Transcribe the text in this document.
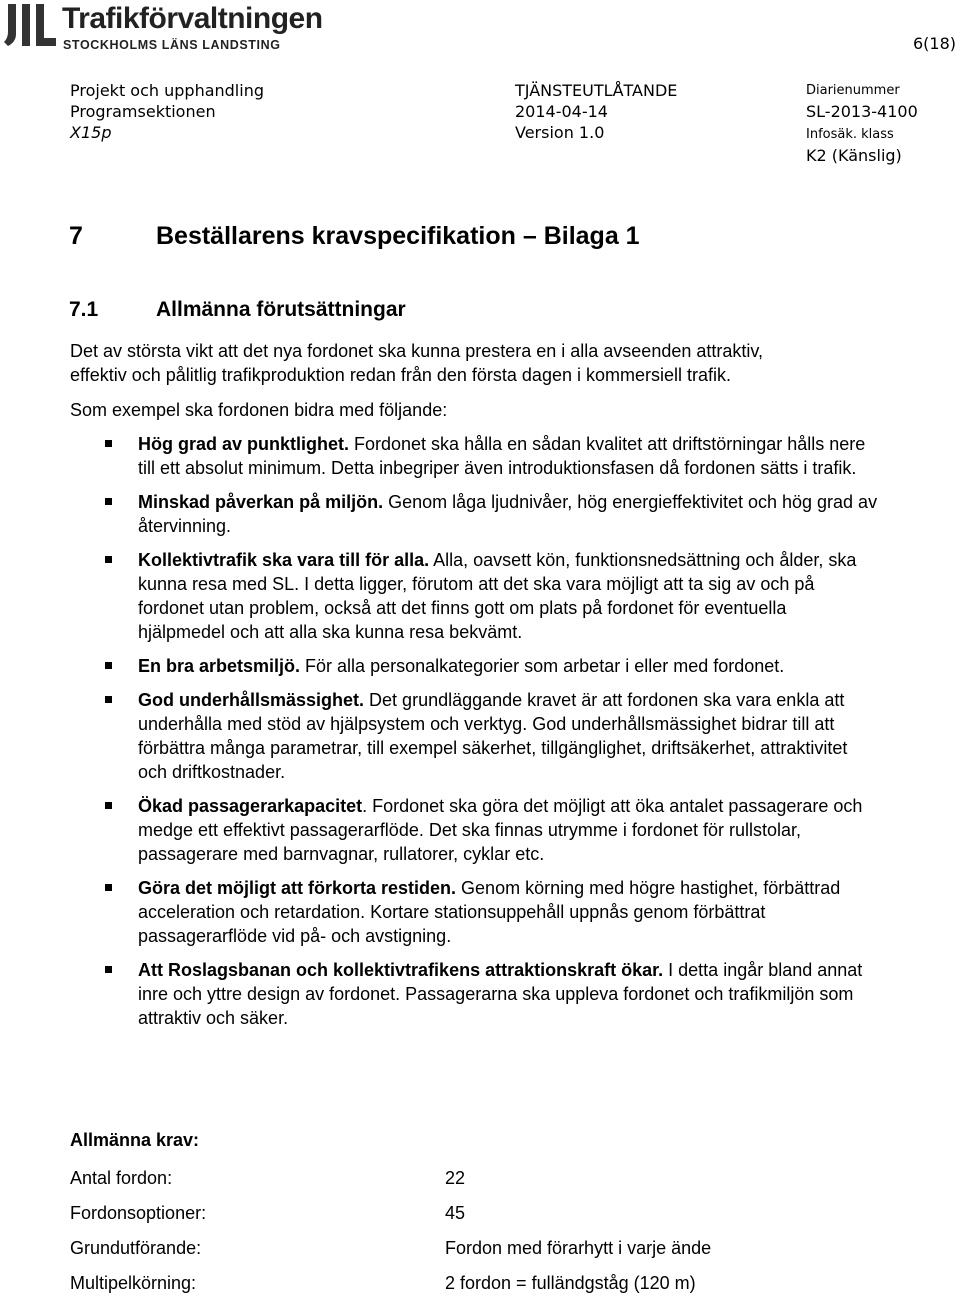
Trafikförvaltningen
STOCKHOLMS LÄNS LANDSTING	6(18)
Projekt och upphandling
Programsektionen
X15p
TJÄNSTEUTLÅTANDE
2014-04-14
Version 1.0
Diarienummer
SL-2013-4100
Infosäk. klass
K2 (Känslig)
7	Beställarens kravspecifikation – Bilaga 1
7.1	Allmänna förutsättningar
Det av största vikt att det nya fordonet ska kunna prestera en i alla avseenden attraktiv,
effektiv och pålitlig trafikproduktion redan från den första dagen i kommersiell trafik.
Som exempel ska fordonen bidra med följande:
Hög grad av punktlighet. Fordonet ska hålla en sådan kvalitet att driftstörningar hålls nere till ett absolut minimum. Detta inbegriper även introduktionsfasen då fordonen sätts i trafik.
Minskad påverkan på miljön. Genom låga ljudnivåer, hög energieffektivitet och hög grad av återvinning.
Kollektivtrafik ska vara till för alla. Alla, oavsett kön, funktionsnedsättning och ålder, ska kunna resa med SL. I detta ligger, förutom att det ska vara möjligt att ta sig av och på fordonet utan problem, också att det finns gott om plats på fordonet för eventuella hjälpmedel och att alla ska kunna resa bekvämt.
En bra arbetsmiljö. För alla personalkategorier som arbetar i eller med fordonet.
God underhållsmässighet. Det grundläggande kravet är att fordonen ska vara enkla att underhålla med stöd av hjälpsystem och verktyg. God underhållsmässighet bidrar till att förbättra många parametrar, till exempel säkerhet, tillgänglighet, driftsäkerhet, attraktivitet och driftkostnader.
Ökad passagerarkapacitet. Fordonet ska göra det möjligt att öka antalet passagerare och medge ett effektivt passagerarflöde. Det ska finnas utrymme i fordonet för rullstolar, passagerare med barnvagnar, rullatorer, cyklar etc.
Göra det möjligt att förkorta restiden. Genom körning med högre hastighet, förbättrad acceleration och retardation. Kortare stationsuppehåll uppnås genom förbättrat passagerarflöde vid på- och avstigning.
Att Roslagsbanan och kollektivtrafikens attraktionskraft ökar. I detta ingår bland annat inre och yttre design av fordonet. Passagerarna ska uppleva fordonet och trafikmiljön som attraktiv och säker.
Allmänna krav:
Antal fordon:	22
Fordonsoptioner:	45
Grundutförande:	Fordon med förarhytt i varje ände
Multipelkörning:	2 fordon = fulländgståg (120 m)
